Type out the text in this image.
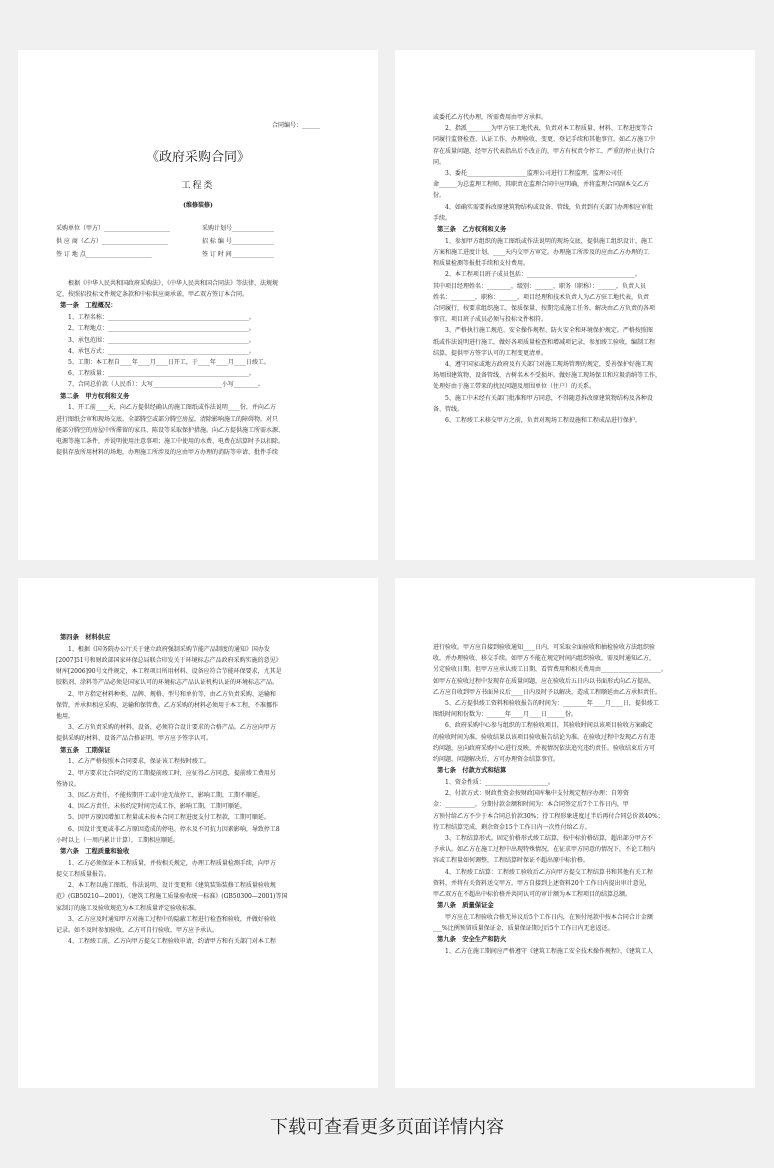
合同编号：______
《政府采购合同》
工程类
(维修装修)
采购单位（甲方）______________________	采购计划号______________
供 应 商（乙方）______________________	招 标 编 号______________
签 订 地 点______________________	签 订 时 间______________

根据《中华人民共和国政府采购法》、《中华人民共和国合同法》等法律、法规规

定，按照招投标文件规定条款和中标供应商承诺，甲乙双方签订本合同。

第一条　工程概况：

1、工程名称：_______________________________________________。

2、工程地点：_______________________________________________。

3、承包范围：_______________________________________________。

4、承包方式：_______________________________________________。

5、工期：本工程自____年____月____日开工，于____年____月____日竣工。

6、工程质量：_______________________________________________。

7、合同总价款（人民币）：大写_______________________小写________。

第二条　甲方权利和义务

1、开工前____天，向乙方提供经确认的施工图纸或作法说明____份，并向乙方

进行图纸会审和现场交底。全部腾空或部分腾空房屋，清除影响施工的障碍物。对只

能部分腾空的房屋中所滞留的家具、陈设等采取保护措施。向乙方提供施工所需水源、

电源等施工条件，并说明使用注意事项；施工中使用的水费、电费在结算时予以扣除。

提供存放所用材料的场地，办理施工所涉及的应由甲方办理的消防等申请、批件手续

或委托乙方代办理，所需费用由甲方承担。

2、指派________为甲方驻工地代表，负责对本工程质量、材料、工程进度等合

同履行监督检查、认证工作，办理验收、变更、登记手续和其他事宜。如乙方施工中

存在质量问题，经甲方代表指出后不改正的，甲方有权责令停工，严重的停止执行合

同。

3、委托____________________监理公司进行工程监理，监理公司任

命______为总监理工程师，其职责在监理合同中应明确，并将监理合同副本交乙方

份。

4、如确实需要拆改原建筑物结构或设备、管线，负责到有关部门办理相应审批

手续。

第三条　乙方权利和义务

1、参加甲方组织的施工图纸或作法说明的现场交底，提供施工组织设计、施工

方案和施工进度计划，____天内交甲方审定。办理施工所涉及的应由乙方办理的工

程质量检测等报批手续和支付费用。

2、本工程项目班子成员包括：____________________________________。

其中项目经理姓名：________，级别：______，职务（职称）：______，负责人员

姓名：________，职称：______，项目经理和技术负责人为乙方驻工地代表，负责

合同履行，按要求组织施工，保质保量、按期完成施工任务，解决由乙方负责的各项

事宜。项目班子成员必须与投标文件相符。

3、严格执行施工规范、安全操作规程、防火安全和环境保护规定。严格按照图

纸或作法说明进行施工，做好各项质量检查和增减项记录，参加竣工验收，编制工程

结算，提供甲方签字认可的工程变更清单。

4、遵守国家或地方政府及有关部门对施工现场管理的规定，妥善保护好施工现

场周围建筑物、设备管线、古树名木不受损坏。做好施工现场保卫和垃圾消纳等工作，

处理好由于施工带来的扰民问题及周围单位（住户）的关系。

5、施工中未经有关部门批准和甲方同意，不得随意拆改原建筑物结构及各种设

备、管线。

6、工程竣工未移交甲方之前，负责对现场工程设施和工程成品进行保护。

第四条　材料供应

1、根据《国务院办公厅关于建立政府强制采购节能产品制度的通知》国办发

[2007]51号和财政部国家环保总局联合印发关于环境标志产品政府采购实施的意见》

财库[2006]90号文件规定，本工程项目所用材料、设备应符合节能环保要求，尤其是

胶粘剂、涂料等产品必须是国家认可的环境标志产品认证机构认证的环境标志产品。

2、甲方指定材料种类、品牌、规格、型号和单价等，由乙方负责采购、运输和

保管，并承担相应采购、运输和保管费。乙方采购的材料必须用于本工程，不准挪作

他用。

3、乙方负责采购的材料、设备，必须符合设计要求的合格产品。乙方应向甲方

提供采购的材料、设备产品合格证明，甲方应予签字认可。

第五条　工期保证

1、乙方严格按照本合同要求，保证该工程按时竣工。

2、甲方要求比合同约定的工期提前竣工时，应征得乙方同意，提前竣工费用另

签协议。

3、因乙方责任，不能按期开工或中途无故停工，影响工期，工期不顺延。

4、因乙方责任，未按约定时间完成工作，影响工期，工期可顺延。

5、因甲方原因增加工程量或未按本合同工程进度支付工程款，工期可顺延。

6、因设计变更或非乙方原因造成的停电、停水及不可抗力因素影响，导致停工8

小时以上（一周内累计计算），工期相应顺延。

第六条　工程质量和验收

1、乙方必须保证本工程质量，并按相关规定，办理工程质量检测手续，向甲方

提交工程质量报告。

2、本工程以施工图纸、作法说明、设计变更和《建筑装饰装修工程质量验收规

范》(GB50210—2001)、《建筑工程施工质量验收统一标准》(GB50300—2001)等国

家制订的施工及验收规范为本工程质量评定验收标准。

3、乙方应及时通知甲方对施工过程中的隐蔽工程进行检查和验收，并做好验收

记录。如不及时参加验收，乙方可自行验收，甲方应予承认。

4、工程竣工前，乙方向甲方提交工程验收申请，约请甲方和有关部门对本工程

进行验收。甲方应自接到验收通知____日内，可采取全面验收和抽检验收方法组织验

收，并办理验收、移交手续。如甲方不能在规定时间内组织验收，需及时通知乙方，

另定验收日期。但甲方应承认竣工日期，看管费用和相关费用由____________________。

如甲方在验收过程中发现存在质量问题，应在验收后五日内以书面形式向乙方提出，

乙方应自收到甲方书面异议后____日内及时予以解决，造成工程顺延由乙方承担责任。

5、乙方提供竣工资料和验收报告的时间为：________年____月____日，提供竣工

图纸时间和份数为：______年____月____日______份。

6、政府采购中心参与组织的工程验收项目，其验收时间以该项目验收方案确定

的验收时间为准，验收结果以该项目验收报告结论为准。在验收过程中发现乙方有违

约问题，应向政府采购中心进行反映，并视情况依法追究违约责任。验收结束后方可

约问题，问题解决后，方可办理资金结算事宜。

第七条　付款方式和结算

1、资金性质：_____________________。

2、付款方式：财政性资金按财政国库集中支付规定程序办理：自筹资

金：__________，分期付款金额和时间为：本合同签定后7个工作日内，甲

方预付给乙方不少于本合同总价款30%；待工程形象进度过半后再付合同总价款40%；

待工程结算完成，剩余资金15个工作日内一次性付给乙方。

3、工程结算形式。固定价格形式竣工结算，按中标价格结算，超出部分甲方不

予承认。如乙方在施工过程中出现特殊情况，在征求甲方同意的情况下，不论工程内

容或工程量如何调整，工程结算时保证不超出原中标价格。

4、工程竣工结算：工程竣工验收后乙方向甲方提交工程结算书和其他有关工程

资料，并将有关资料送交甲方。甲方自接到上述资料20个工作日内提出审计意见，

甲乙双方在不超出中标价格并共同认可的审计额为本工程项目的结算总额。

第八条　质量保证金

甲方应在工程验收合格无异议后5个工作日内，在预付尾款中按本合同合计金额

___%比例预留质量保证金，质量保证期过后5个工作日内无息返还。

第九条　安全生产和防火

1、乙方在施工期间应严格遵守《建筑工程施工安全技术操作规程》、《建筑工人

下载可查看更多页面详情内容
